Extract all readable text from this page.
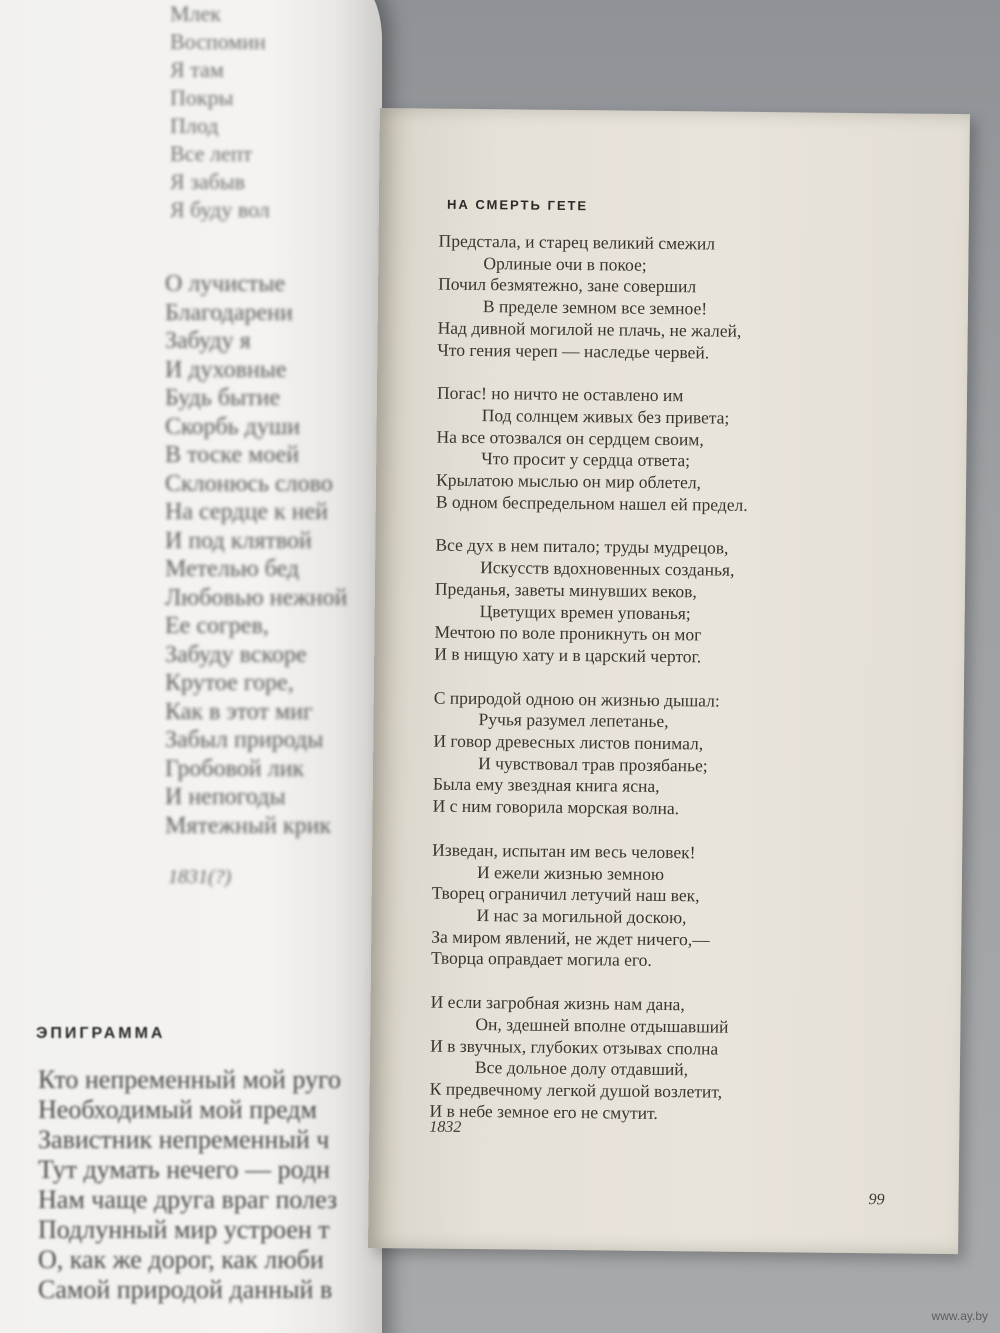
Млек
Воспомин
Я там
Покры
Плод
Все лепт
Я забыв
Я буду вол
О лучистые
Благодарени
Забуду я
И духовные
Будь бытие
Скорбь души
В тоске моей
Склонюсь слово
На сердце к ней
И под клятвой
Метелью бед
Любовью нежной
Ее согрев,
Забуду вскоре
Крутое горе,
Как в этот миг
Забыл природы
Гробовой лик
И непогоды
Мятежный крик
1831(?)
ЭПИГРАММА
Кто непременный мой руго
Необходимый мой предм
Завистник непременный ч
Тут думать нечего — родн
Нам чаще друга враг полез
Подлунный мир устроен т
О, как же дорог, как люби
Самой природой данный в
НА СМЕРТЬ ГЕТЕ
Предстала, и старец великий смежил
Орлиные очи в покое;
Почил безмятежно, зане совершил
В пределе земном все земное!
Над дивной могилой не плачь, не жалей,
Что гения череп — наследье червей.
Погас! но ничто не оставлено им
Под солнцем живых без привета;
На все отозвался он сердцем своим,
Что просит у сердца ответа;
Крылатою мыслью он мир облетел,
В одном беспредельном нашел ей предел.
Все дух в нем питало; труды мудрецов,
Искусств вдохновенных созданья,
Преданья, заветы минувших веков,
Цветущих времен упованья;
Мечтою по воле проникнуть он мог
И в нищую хату и в царский чертог.
С природой одною он жизнью дышал:
Ручья разумел лепетанье,
И говор древесных листов понимал,
И чувствовал трав прозябанье;
Была ему звездная книга ясна,
И с ним говорила морская волна.
Изведан, испытан им весь человек!
И ежели жизнью земною
Творец ограничил летучий наш век,
И нас за могильной доскою,
За миром явлений, не ждет ничего,—
Творца оправдает могила его.
И если загробная жизнь нам дана,
Он, здешней вполне отдышавший
И в звучных, глубоких отзывах сполна
Все дольное долу отдавший,
К предвечному легкой душой возлетит,
И в небе земное его не смутит.
1832
99
www.ay.by
